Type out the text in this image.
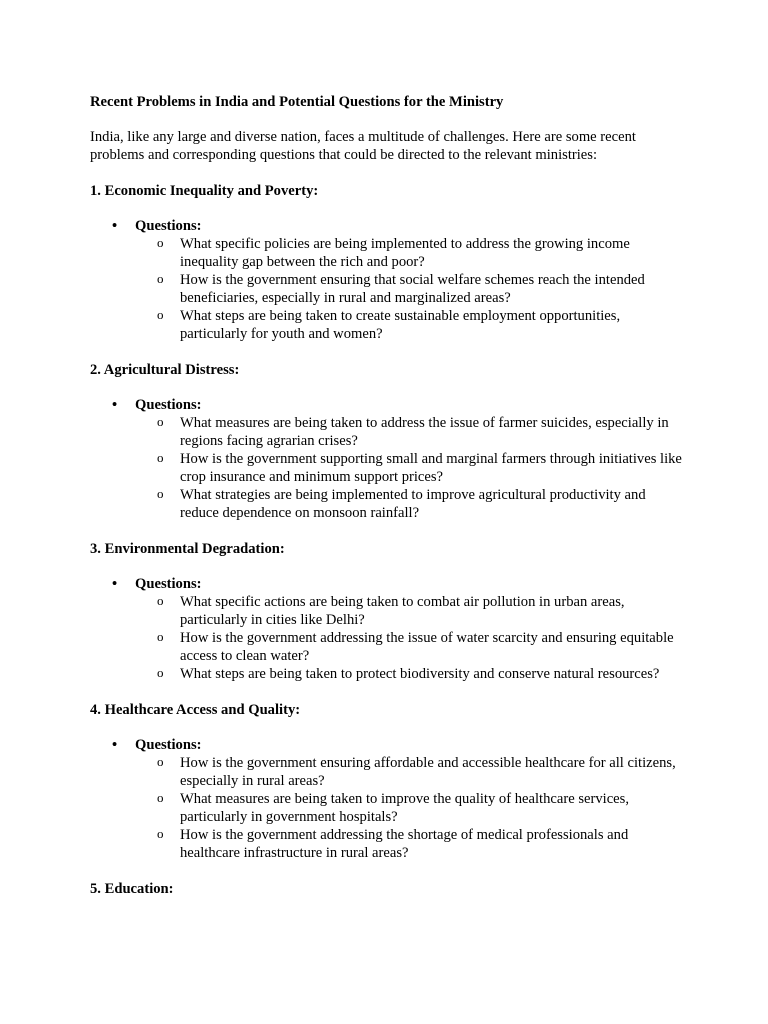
Recent Problems in India and Potential Questions for the Ministry
India, like any large and diverse nation, faces a multitude of challenges. Here are some recent problems and corresponding questions that could be directed to the relevant ministries:
1. Economic Inequality and Poverty:
• Questions:
o What specific policies are being implemented to address the growing income inequality gap between the rich and poor?
o How is the government ensuring that social welfare schemes reach the intended beneficiaries, especially in rural and marginalized areas?
o What steps are being taken to create sustainable employment opportunities, particularly for youth and women?
2. Agricultural Distress:
• Questions:
o What measures are being taken to address the issue of farmer suicides, especially in regions facing agrarian crises?
o How is the government supporting small and marginal farmers through initiatives like crop insurance and minimum support prices?
o What strategies are being implemented to improve agricultural productivity and reduce dependence on monsoon rainfall?
3. Environmental Degradation:
• Questions:
o What specific actions are being taken to combat air pollution in urban areas, particularly in cities like Delhi?
o How is the government addressing the issue of water scarcity and ensuring equitable access to clean water?
o What steps are being taken to protect biodiversity and conserve natural resources?
4. Healthcare Access and Quality:
• Questions:
o How is the government ensuring affordable and accessible healthcare for all citizens, especially in rural areas?
o What measures are being taken to improve the quality of healthcare services, particularly in government hospitals?
o How is the government addressing the shortage of medical professionals and healthcare infrastructure in rural areas?
5. Education:
